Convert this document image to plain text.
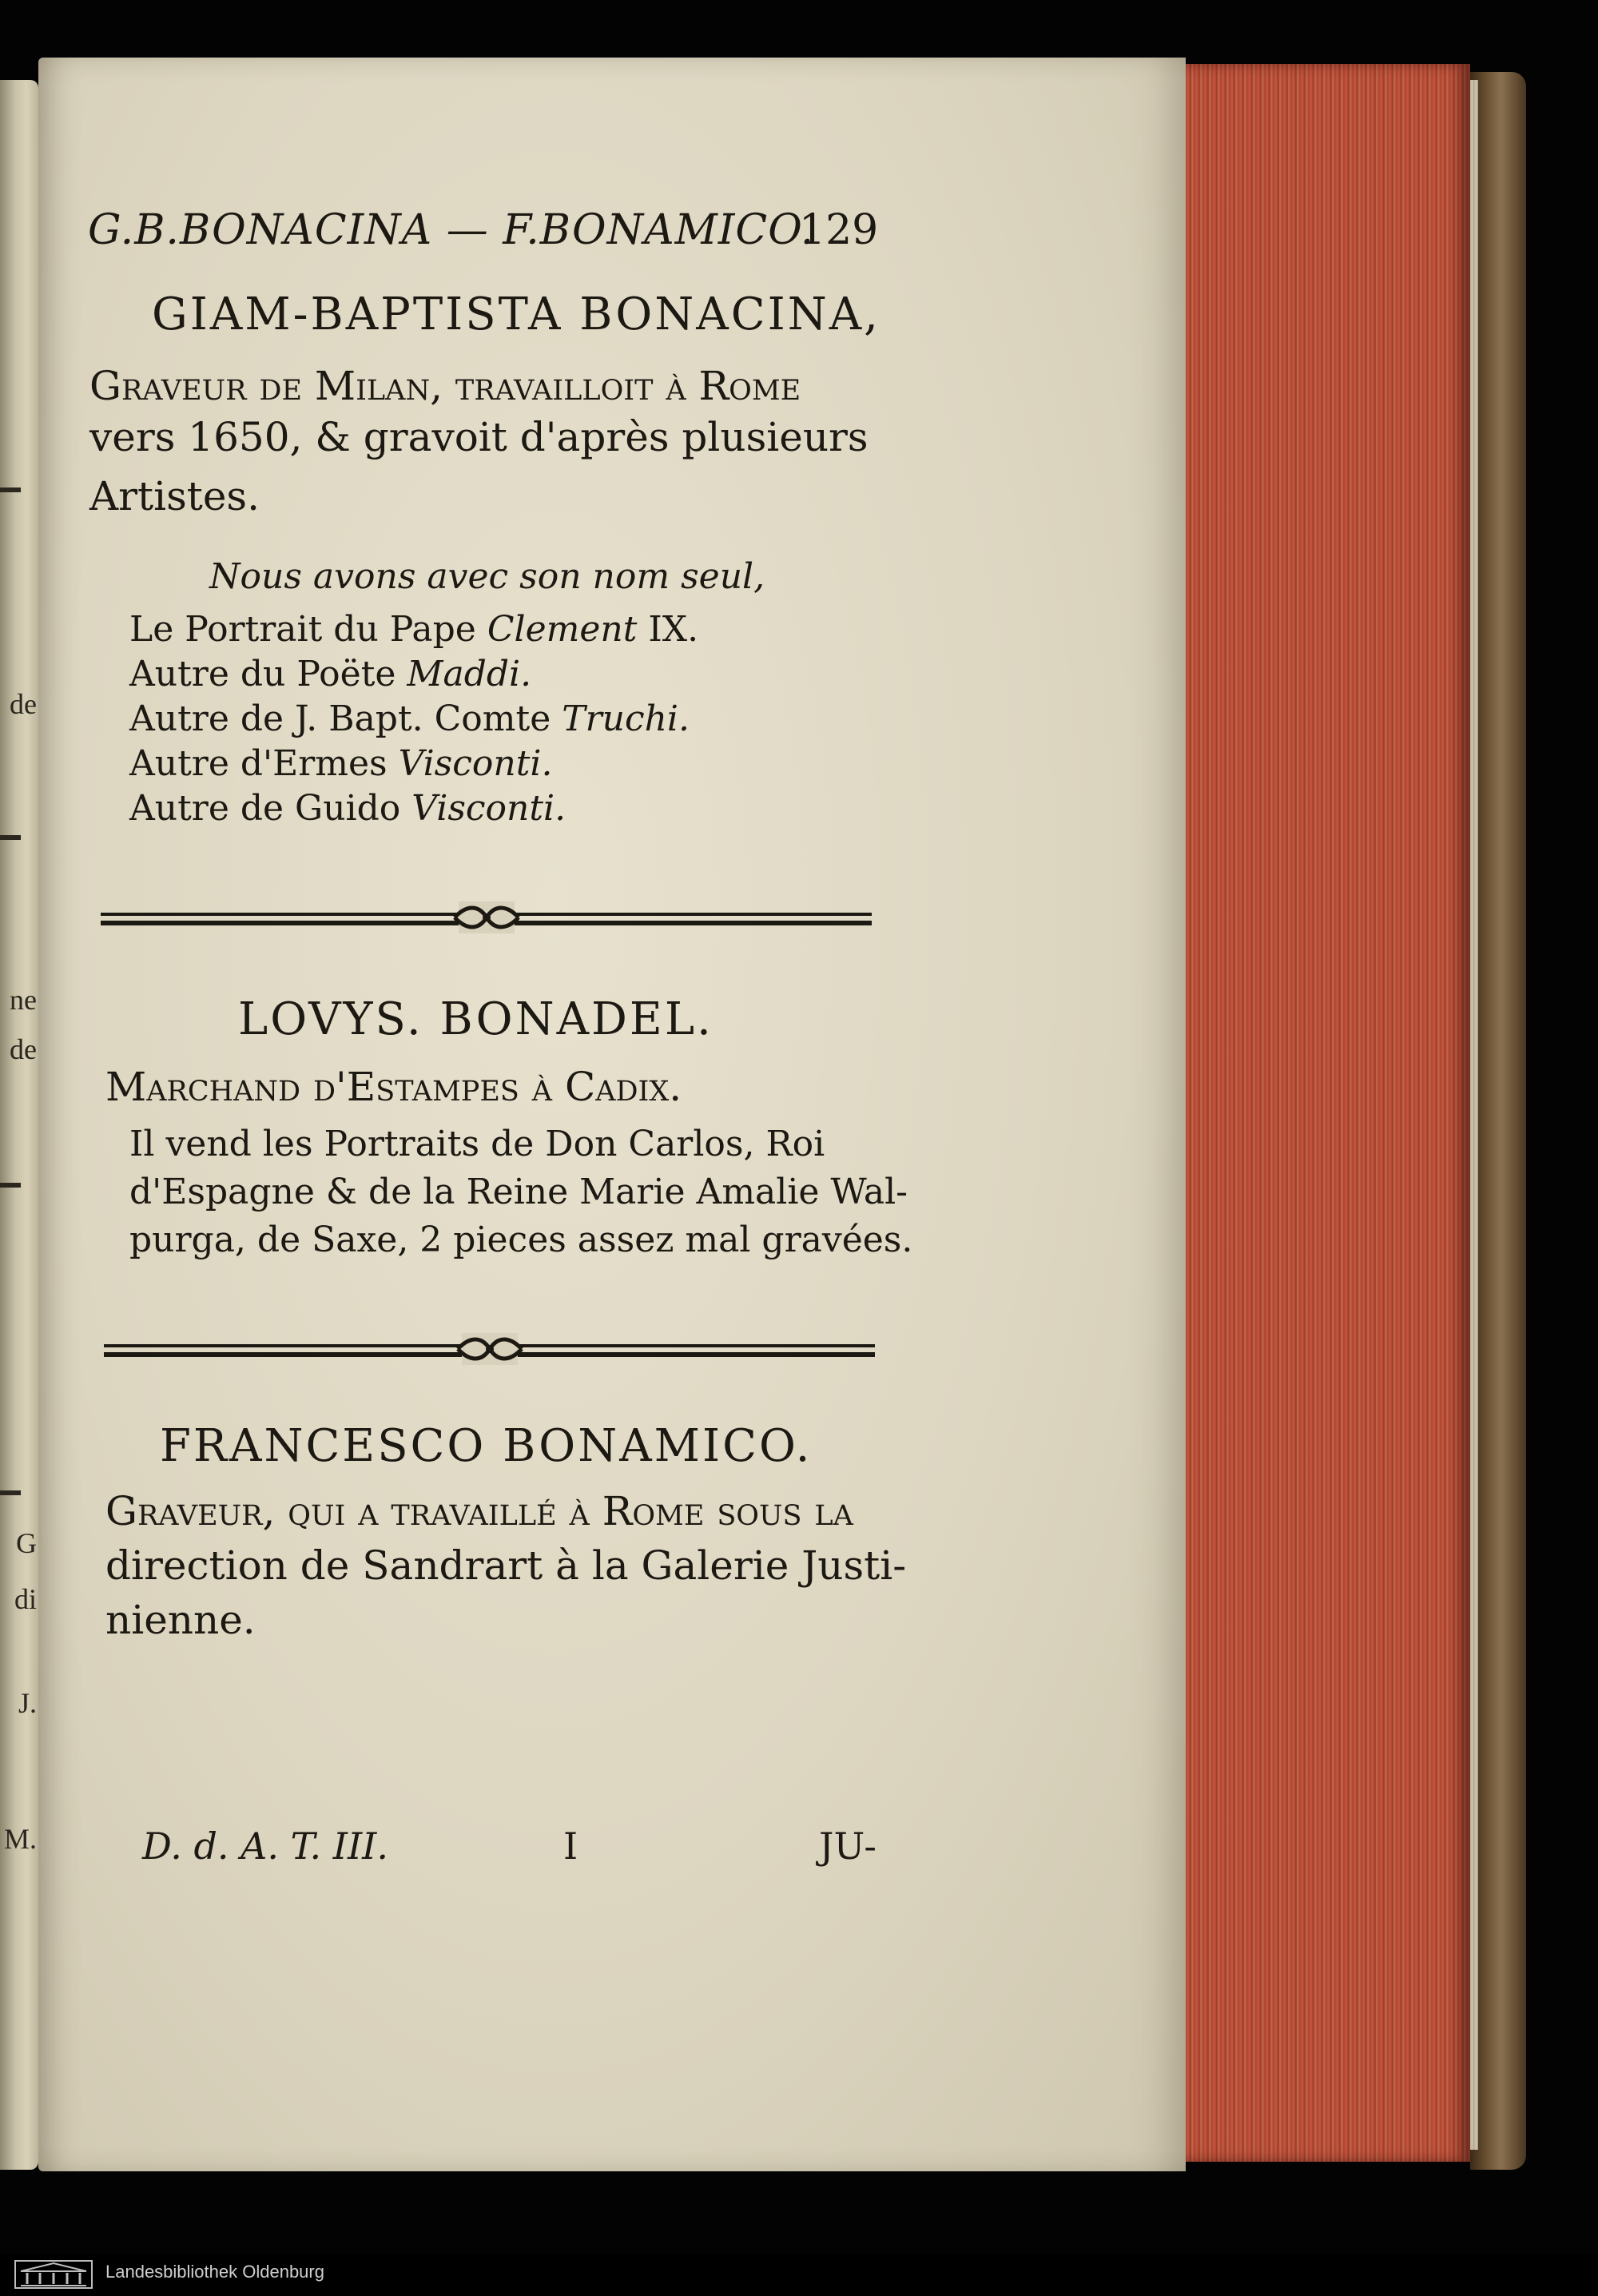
de
ne
de
G
di
J.
M.
G.B.BONACINA — F.BONAMICO.
129
GIAM-BAPTISTA BONACINA,
Graveur de Milan, travailloit à Rome
vers 1650, & gravoit d'après plusieurs
Artistes.
Nous avons avec son nom seul,
Le Portrait du Pape Clement IX.
Autre du Poëte Maddi.
Autre de J. Bapt. Comte Truchi.
Autre d'Ermes Visconti.
Autre de Guido Visconti.
LOVYS. BONADEL.
Marchand d'Estampes à Cadix.
Il vend les Portraits de Don Carlos, Roi
d'Espagne & de la Reine Marie Amalie Wal-
purga, de Saxe, 2 pieces assez mal gravées.
FRANCESCO BONAMICO.
Graveur, qui a travaillé à Rome sous la
direction de Sandrart à la Galerie Justi-
nienne.
D. d. A. T. III.	I	JU-
Landesbibliothek Oldenburg
